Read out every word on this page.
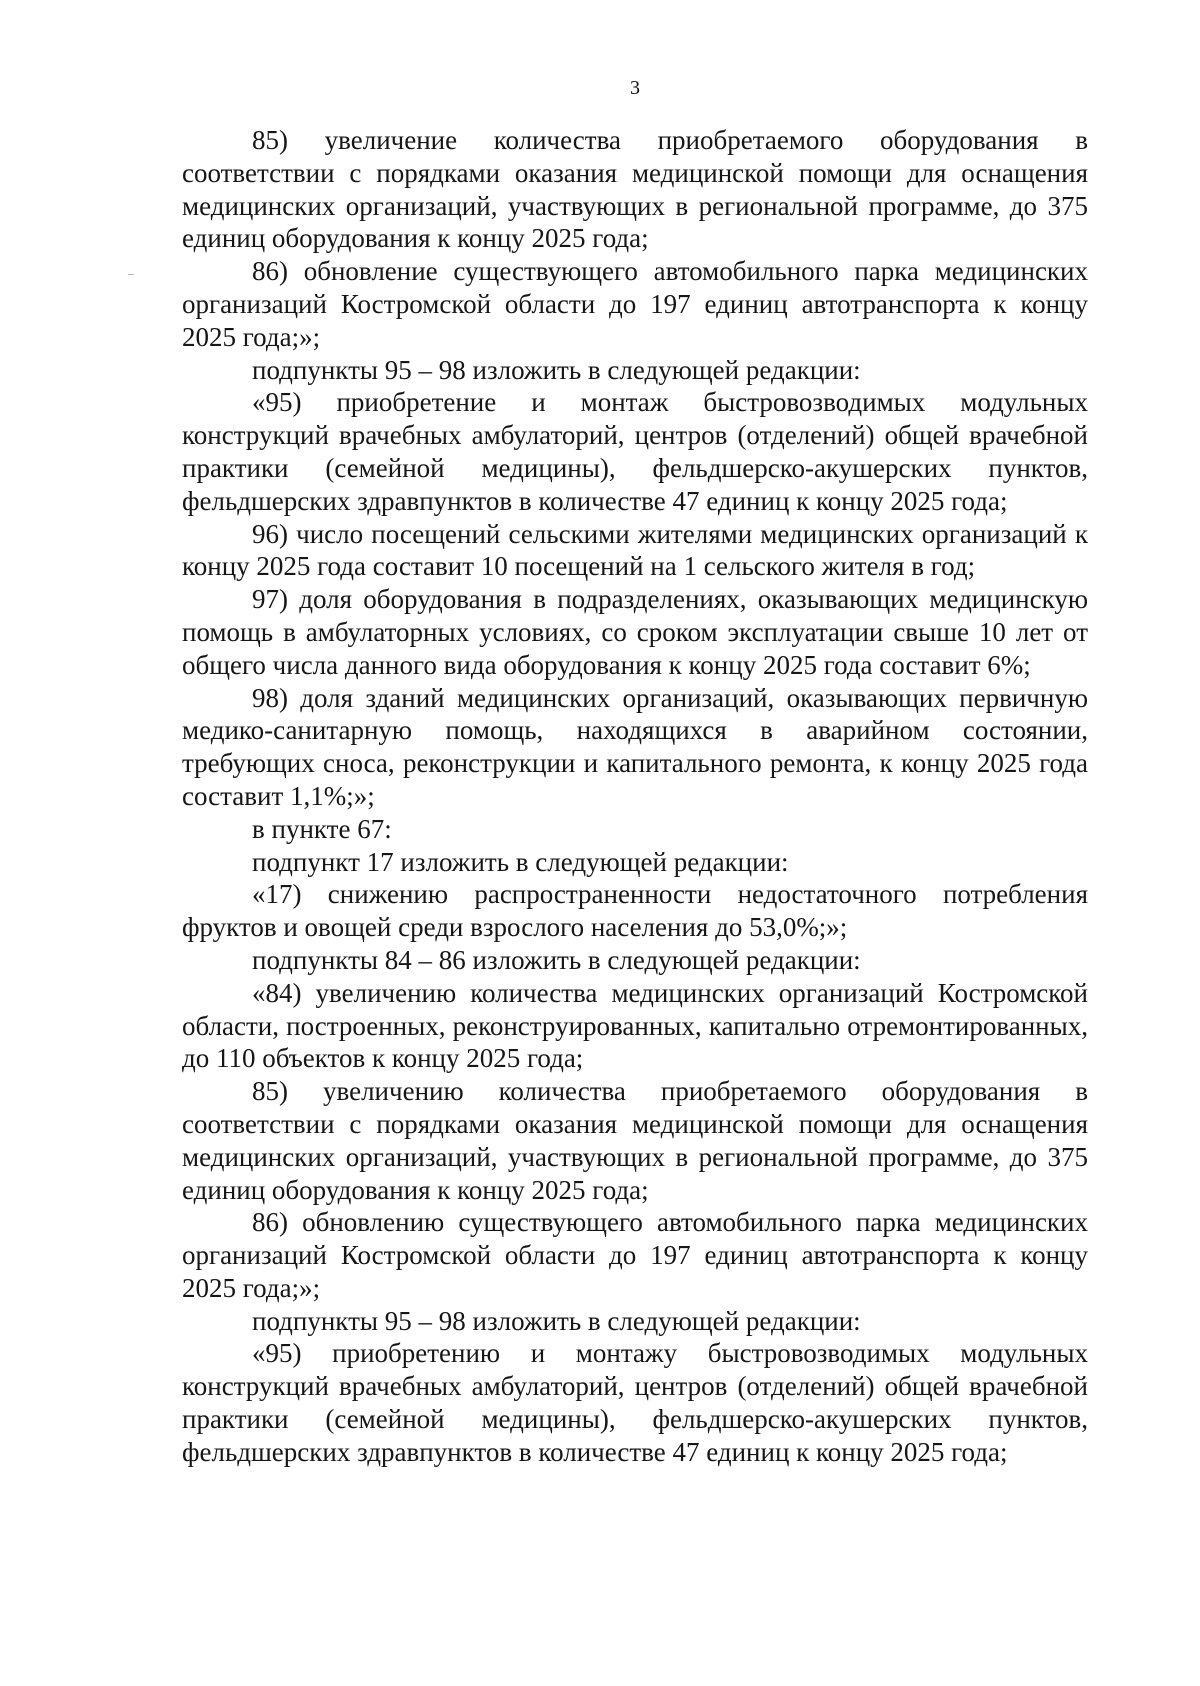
3

85) увеличение количества приобретаемого оборудования в соответствии с порядками оказания медицинской помощи для оснащения медицинских организаций, участвующих в региональной программе, до 375 единиц оборудования к концу 2025 года;

86) обновление существующего автомобильного парка медицинских организаций Костромской области до 197 единиц автотранспорта к концу 2025 года;»;

подпункты 95 – 98 изложить в следующей редакции:

«95) приобретение и монтаж быстровозводимых модульных конструкций врачебных амбулаторий, центров (отделений) общей врачебной практики (семейной медицины), фельдшерско-акушерских пунктов, фельдшерских здравпунктов в количестве 47 единиц к концу 2025 года;

96) число посещений сельскими жителями медицинских организаций к концу 2025 года составит 10 посещений на 1 сельского жителя в год;

97) доля оборудования в подразделениях, оказывающих медицинскую помощь в амбулаторных условиях, со сроком эксплуатации свыше 10 лет от общего числа данного вида оборудования к концу 2025 года составит 6%;

98) доля зданий медицинских организаций, оказывающих первичную медико-санитарную помощь, находящихся в аварийном состоянии, требующих сноса, реконструкции и капитального ремонта, к концу 2025 года составит 1,1%;»;

в пункте 67:

подпункт 17 изложить в следующей редакции:

«17) снижению распространенности недостаточного потребления фруктов и овощей среди взрослого населения до 53,0%;»;

подпункты 84 – 86 изложить в следующей редакции:

«84) увеличению количества медицинских организаций Костромской области, построенных, реконструированных, капитально отремонтированных, до 110 объектов к концу 2025 года;

85) увеличению количества приобретаемого оборудования в соответствии с порядками оказания медицинской помощи для оснащения медицинских организаций, участвующих в региональной программе, до 375 единиц оборудования к концу 2025 года;

86) обновлению существующего автомобильного парка медицинских организаций Костромской области до 197 единиц автотранспорта к концу 2025 года;»;

подпункты 95 – 98 изложить в следующей редакции:

«95) приобретению и монтажу быстровозводимых модульных конструкций врачебных амбулаторий, центров (отделений) общей врачебной практики (семейной медицины), фельдшерско-акушерских пунктов, фельдшерских здравпунктов в количестве 47 единиц к концу 2025 года;
